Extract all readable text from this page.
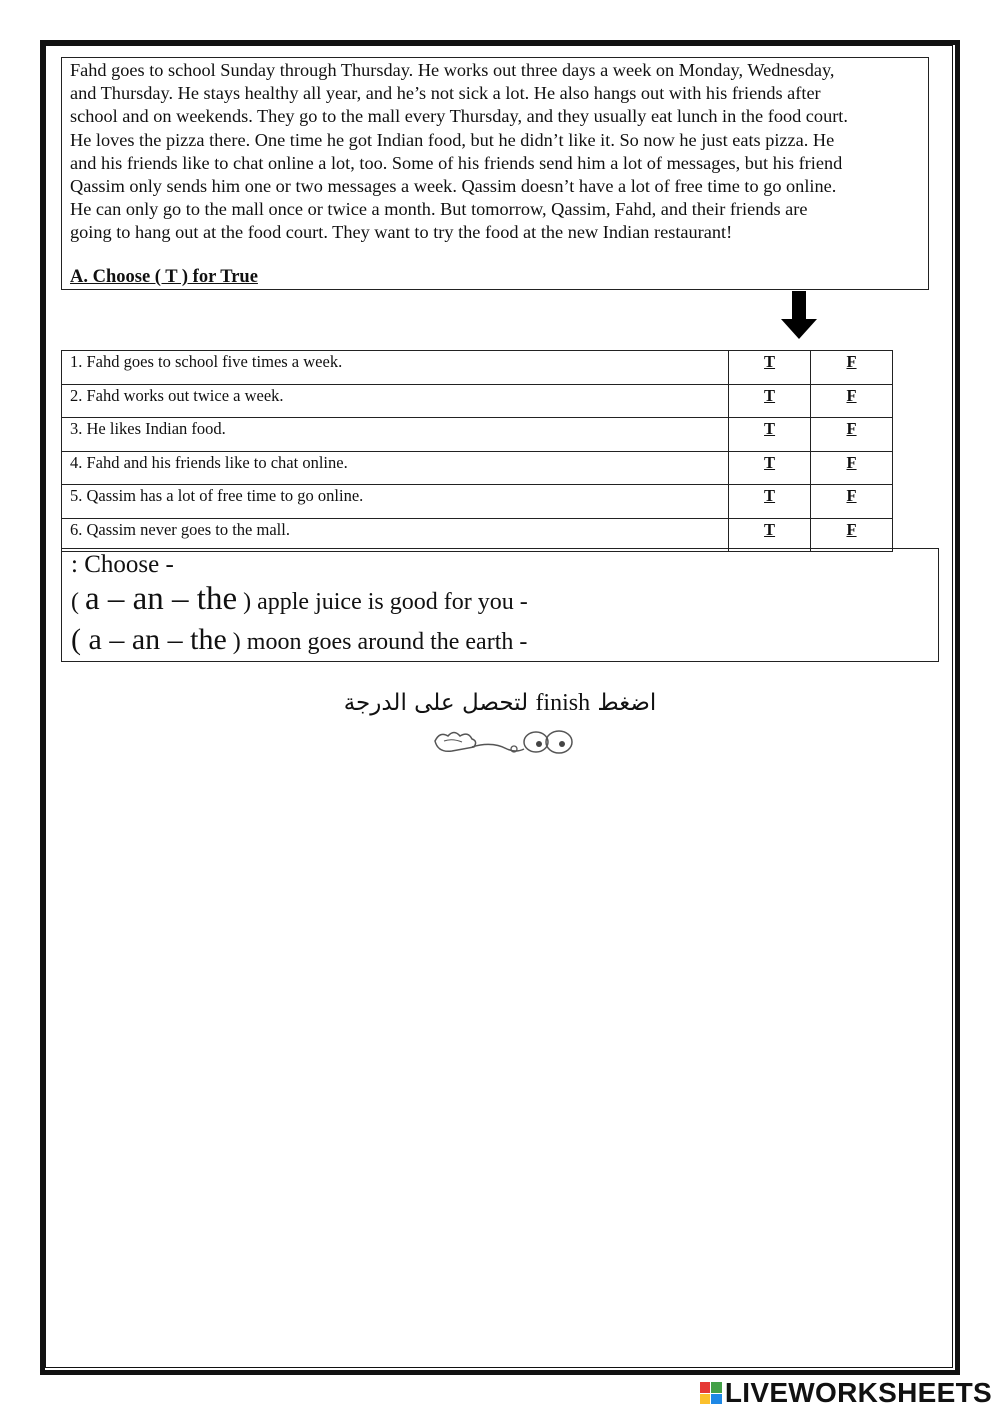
Fahd goes to school Sunday through Thursday. He works out three days a week on Monday, Wednesday,
and Thursday. He stays healthy all year, and he’s not sick a lot. He also hangs out with his friends after
school and on weekends. They go to the mall every Thursday, and they usually eat lunch in the food court.
He loves the pizza there. One time he got Indian food, but he didn’t like it. So now he just eats pizza. He
and his friends like to chat online a lot, too. Some of his friends send him a lot of messages, but his friend
Qassim only sends him one or two messages a week. Qassim doesn’t have a lot of free time to go online.
He can only go to the mall once or twice a month. But tomorrow, Qassim, Fahd, and their friends are
going to hang out at the food court. They want to try the food at the new Indian restaurant!

A. Choose ( T ) for True
1. Fahd goes to school five times a week.	T	F
2. Fahd works out twice a week.	T	F
3. He likes Indian food.	T	F
4. Fahd and his friends like to chat online.	T	F
5. Qassim has a lot of free time to go online.	T	F
6. Qassim never goes to the mall.	T	F
: Choose -
( a – an – the ) apple juice is good for you -
( a – an – the ) moon goes around the earth -
اضغط finish لتحصل على الدرجة
LIVEWORKSHEETS
